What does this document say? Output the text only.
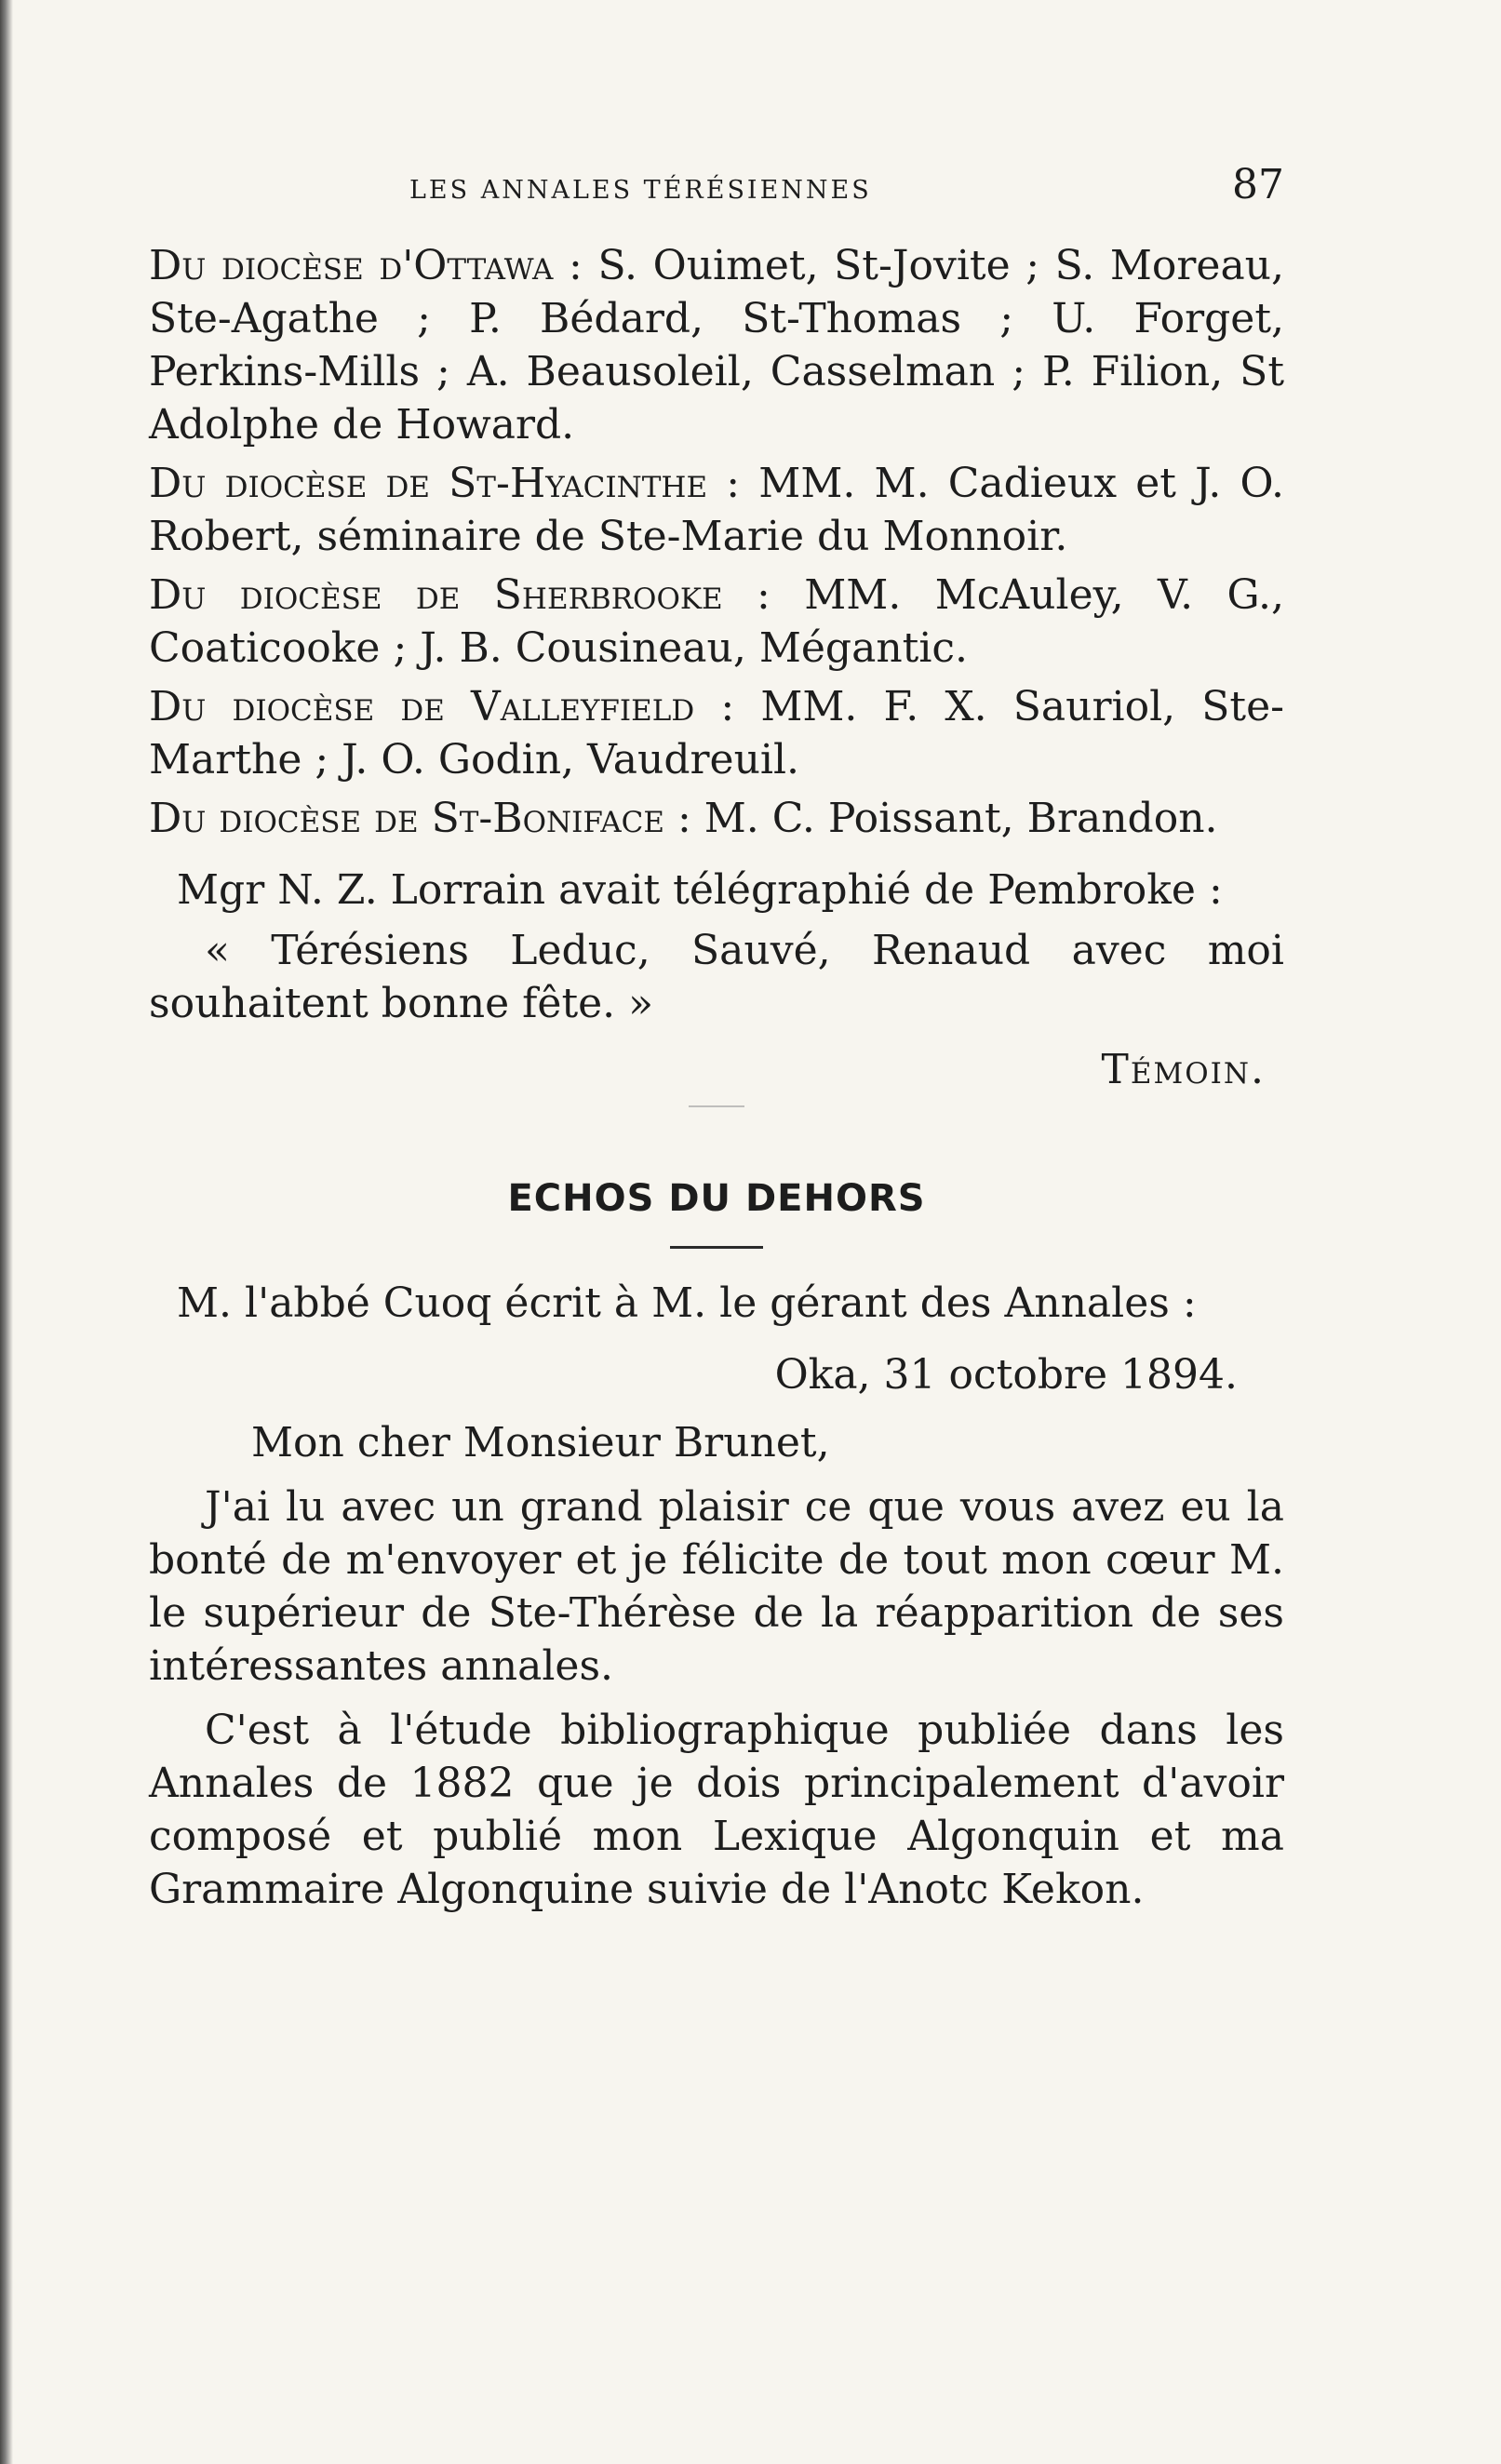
LES ANNALES TÉRÉSIENNES	87

Du diocèse d'Ottawa : S. Ouimet, St-Jovite ; S. Moreau, Ste-Agathe ; P. Bédard, St-Thomas ; U. Forget, Perkins-Mills ; A. Beausoleil, Casselman ; P. Filion, St Adolphe de Howard.

Du diocèse de St-Hyacinthe : MM. M. Cadieux et J. O. Robert, séminaire de Ste-Marie du Monnoir.

Du diocèse de Sherbrooke : MM. McAuley, V. G., Coaticooke ; J. B. Cousineau, Mégantic.

Du diocèse de Valleyfield : MM. F. X. Sauriol, Ste-Marthe ; J. O. Godin, Vaudreuil.

Du diocèse de St-Boniface : M. C. Poissant, Brandon.

Mgr N. Z. Lorrain avait télégraphié de Pembroke :

« Térésiens Leduc, Sauvé, Renaud avec moi souhaitent bonne fête. »

Témoin.

ECHOS DU DEHORS

M. l'abbé Cuoq écrit à M. le gérant des Annales :

Oka, 31 octobre 1894.

Mon cher Monsieur Brunet,

J'ai lu avec un grand plaisir ce que vous avez eu la bonté de m'envoyer et je félicite de tout mon cœur M. le supérieur de Ste-Thérèse de la réapparition de ses intéressantes annales.

C'est à l'étude bibliographique publiée dans les Annales de 1882 que je dois principalement d'avoir composé et publié mon Lexique Algonquin et ma Grammaire Algonquine suivie de l'Anotc Kekon.
